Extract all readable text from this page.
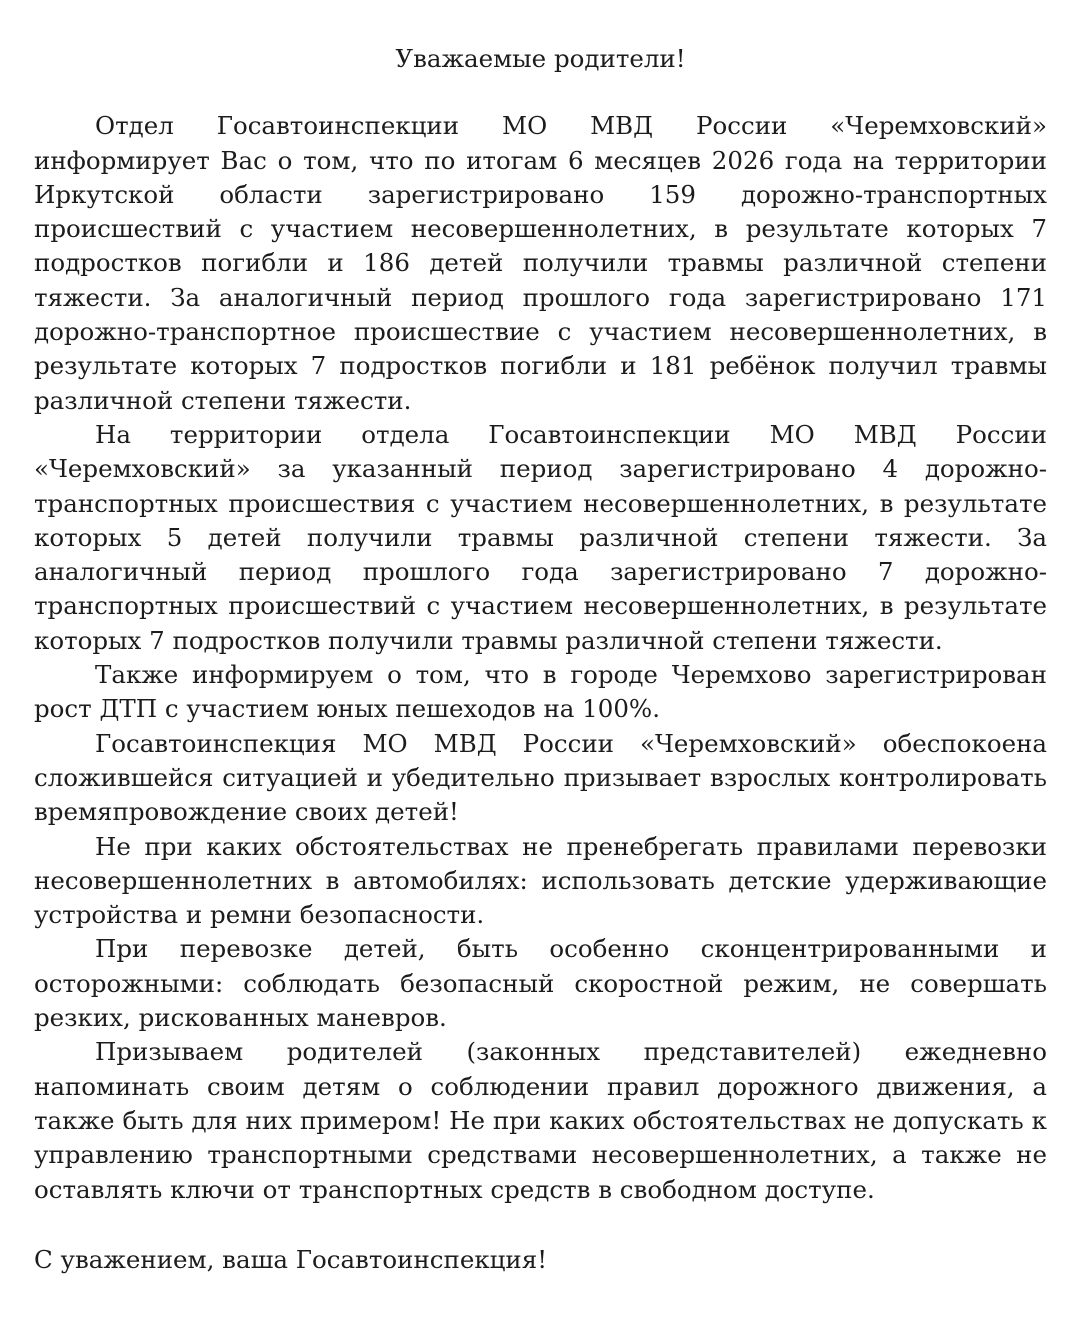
Уважаемые родители!

Отдел Госавтоинспекции МО МВД России «Черемховский» информирует Вас о том, что по итогам 6 месяцев 2026 года на территории Иркутской области зарегистрировано 159 дорожно-транспортных происшествий с участием несовершеннолетних, в результате которых 7 подростков погибли и 186 детей получили травмы различной степени тяжести. За аналогичный период прошлого года зарегистрировано 171 дорожно-транспортное происшествие с участием несовершеннолетних, в результате которых 7 подростков погибли и 181 ребёнок получил травмы различной степени тяжести.

На территории отдела Госавтоинспекции МО МВД России «Черемховский» за указанный период зарегистрировано 4 дорожно-транспортных происшествия с участием несовершеннолетних, в результате которых 5 детей получили травмы различной степени тяжести. За аналогичный период прошлого года зарегистрировано 7 дорожно-транспортных происшествий с участием несовершеннолетних, в результате которых 7 подростков получили травмы различной степени тяжести.

Также информируем о том, что в городе Черемхово зарегистрирован рост ДТП с участием юных пешеходов на 100%.

Госавтоинспекция МО МВД России «Черемховский» обеспокоена сложившейся ситуацией и убедительно призывает взрослых контролировать времяпровождение своих детей!

Не при каких обстоятельствах не пренебрегать правилами перевозки несовершеннолетних в автомобилях: использовать детские удерживающие устройства и ремни безопасности.

При перевозке детей, быть особенно сконцентрированными и осторожными: соблюдать безопасный скоростной режим, не совершать резких, рискованных маневров.

Призываем родителей (законных представителей) ежедневно напоминать своим детям о соблюдении правил дорожного движения, а также быть для них примером! Не при каких обстоятельствах не допускать к управлению транспортными средствами несовершеннолетних, а также не оставлять ключи от транспортных средств в свободном доступе.

С уважением, ваша Госавтоинспекция!
